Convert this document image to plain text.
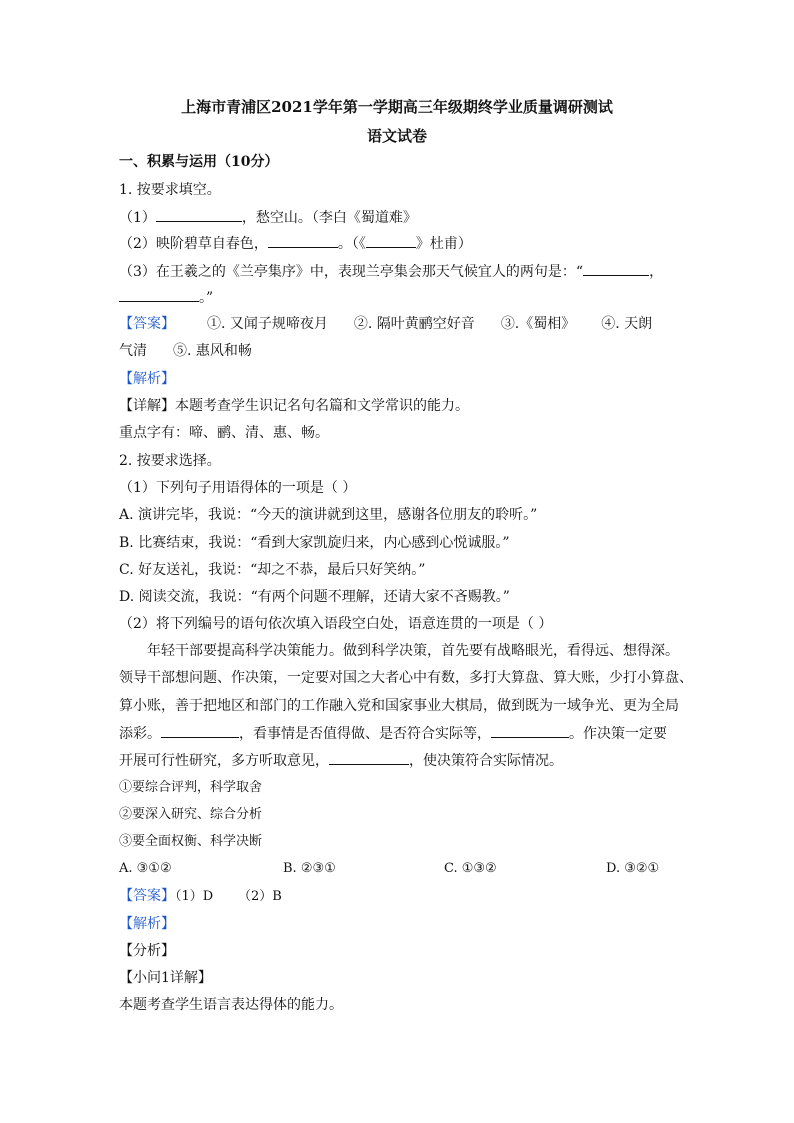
上海市青浦区2021学年第一学期高三年级期终学业质量调研测试
语文试卷
一、积累与运用（10分）
1. 按要求填空。
（1）	，愁空山。（李白《蜀道难》
（2）映阶碧草自春色，	。（《	》杜甫）
（3）在王羲之的《兰亭集序》中，表现兰亭集会那天气候宜人的两句是：“	，
。”
【答案】 ①. 又闻子规啼夜月 ②. 隔叶黄鹂空好音 ③.《蜀相》 ④. 天朗
气清 ⑤. 惠风和畅
【解析】
【详解】本题考查学生识记名句名篇和文学常识的能力。
重点字有：啼、鹂、清、惠、畅。
2. 按要求选择。
（1）下列句子用语得体的一项是（ ）
A. 演讲完毕，我说：“今天的演讲就到这里，感谢各位朋友的聆听。”
B. 比赛结束，我说：“看到大家凯旋归来，内心感到心悦诚服。”
C. 好友送礼，我说：“却之不恭，最后只好笑纳。”
D. 阅读交流，我说：“有两个问题不理解，还请大家不吝赐教。”
（2）将下列编号的语句依次填入语段空白处，语意连贯的一项是（ ）
年轻干部要提高科学决策能力。做到科学决策，首先要有战略眼光，看得远、想得深。
领导干部想问题、作决策，一定要对国之大者心中有数，多打大算盘、算大账，少打小算盘、
算小账，善于把地区和部门的工作融入党和国家事业大棋局，做到既为一域争光、更为全局
添彩。	，看事情是否值得做、是否符合实际等，	。作决策一定要
开展可行性研究，多方听取意见，	，使决策符合实际情况。
①要综合评判，科学取舍
②要深入研究、综合分析
③要全面权衡、科学决断
A. ③①②	B. ②③①	C. ①③②	D. ③②①
【答案】（1）D      （2）B
【解析】
【分析】
【小问1详解】
本题考查学生语言表达得体的能力。
